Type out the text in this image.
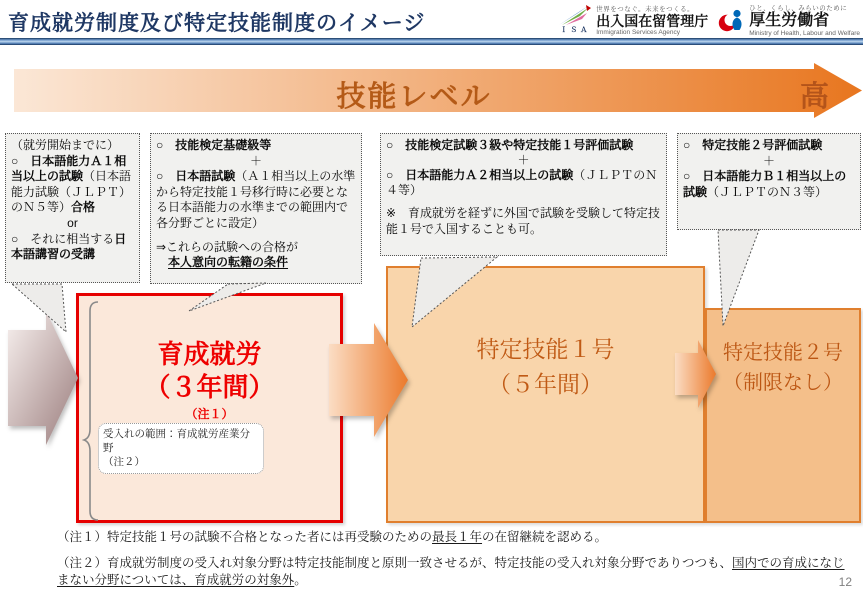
育成就労制度及び特定技能制度のイメージ	ＩＳＡ
世界をつなぐ。未来をつくる。
出入国在留管理庁
Immigration Services Agency
ひと、くらし、みらいのために
厚生労働省
Ministry of Health, Labour and Welfare
技能レベル	高
（就労開始までに）
○　日本語能力Ａ１相当以上の試験（日本語能力試験（ＪＬＰＴ）のＮ５等）合格
or
○　それに相当する日本語講習の受講
○　技能検定基礎級等
＋
○　日本語試験（Ａ１相当以上の水準から特定技能１号移行時に必要となる日本語能力の水準までの範囲内で各分野ごとに設定）
⇒これらの試験への合格が
　本人意向の転籍の条件
○　技能検定試験３級や特定技能１号評価試験
＋
○　日本語能力Ａ２相当以上の試験（ＪＬＰＴのＮ４等）
※　育成就労を経ずに外国で試験を受験して特定技能１号で入国することも可。
○　特定技能２号評価試験
＋
○　日本語能力Ｂ１相当以上の試験（ＪＬＰＴのＮ３等）
育成就労
（３年間）
（注１）
受入れの範囲：育成就労産業分野
（注２）
特定技能１号
（５年間）
特定技能２号
（制限なし）
（注１）特定技能１号の試験不合格となった者には再受験のための最長１年の在留継続を認める。
（注２）育成就労制度の受入れ対象分野は特定技能制度と原則一致させるが、特定技能の受入れ対象分野でありつつも、国内での育成になじまない分野については、育成就労の対象外。	12
